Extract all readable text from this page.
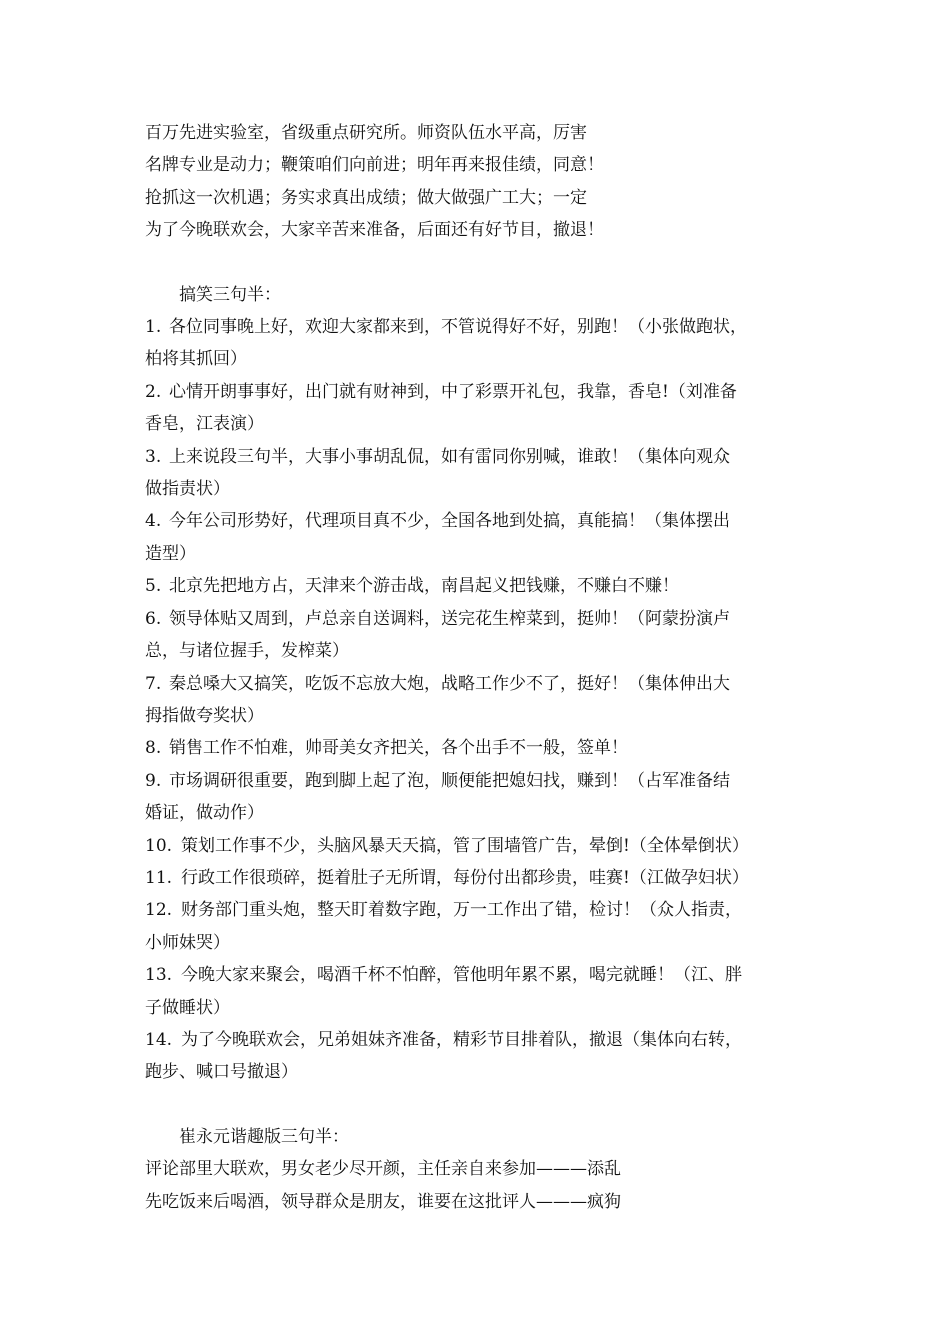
百万先进实验室，省级重点研究所。师资队伍水平高，厉害

名牌专业是动力；鞭策咱们向前进；明年再来报佳绩，同意！

抢抓这一次机遇；务实求真出成绩；做大做强广工大；一定

为了今晚联欢会，大家辛苦来准备，后面还有好节目，撤退！

搞笑三句半：

1.各位同事晚上好，欢迎大家都来到，不管说得好不好，别跑！（小张做跑状，
柏将其抓回）
2.心情开朗事事好，出门就有财神到，中了彩票开礼包，我靠，香皂!（刘准备
香皂，江表演）
3.上来说段三句半，大事小事胡乱侃，如有雷同你别喊，谁敢！（集体向观众
做指责状）
4.今年公司形势好，代理项目真不少，全国各地到处搞，真能搞！（集体摆出
造型）
5.北京先把地方占，天津来个游击战，南昌起义把钱赚，不赚白不赚！
6.领导体贴又周到，卢总亲自送调料，送完花生榨菜到，挺帅！（阿蒙扮演卢
总，与诸位握手，发榨菜）
7.秦总嗓大又搞笑，吃饭不忘放大炮，战略工作少不了，挺好！（集体伸出大
拇指做夸奖状）
8.销售工作不怕难，帅哥美女齐把关，各个出手不一般，签单！
9.市场调研很重要，跑到脚上起了泡，顺便能把媳妇找，赚到！（占军准备结
婚证，做动作）
10.策划工作事不少，头脑风暴天天搞，管了围墙管广告，晕倒!（全体晕倒状）
11.行政工作很琐碎，挺着肚子无所谓，每份付出都珍贵，哇赛!（江做孕妇状）
12.财务部门重头炮，整天盯着数字跑，万一工作出了错，检讨！（众人指责，
小师妹哭）
13.今晚大家来聚会，喝酒千杯不怕醉，管他明年累不累，喝完就睡！（江、胖
子做睡状）
14.为了今晚联欢会，兄弟姐妹齐准备，精彩节目排着队，撤退（集体向右转，
跑步、喊口号撤退）

崔永元谐趣版三句半：

评论部里大联欢，男女老少尽开颜，主任亲自来参加———添乱

先吃饭来后喝酒，领导群众是朋友，谁要在这批评人———疯狗
